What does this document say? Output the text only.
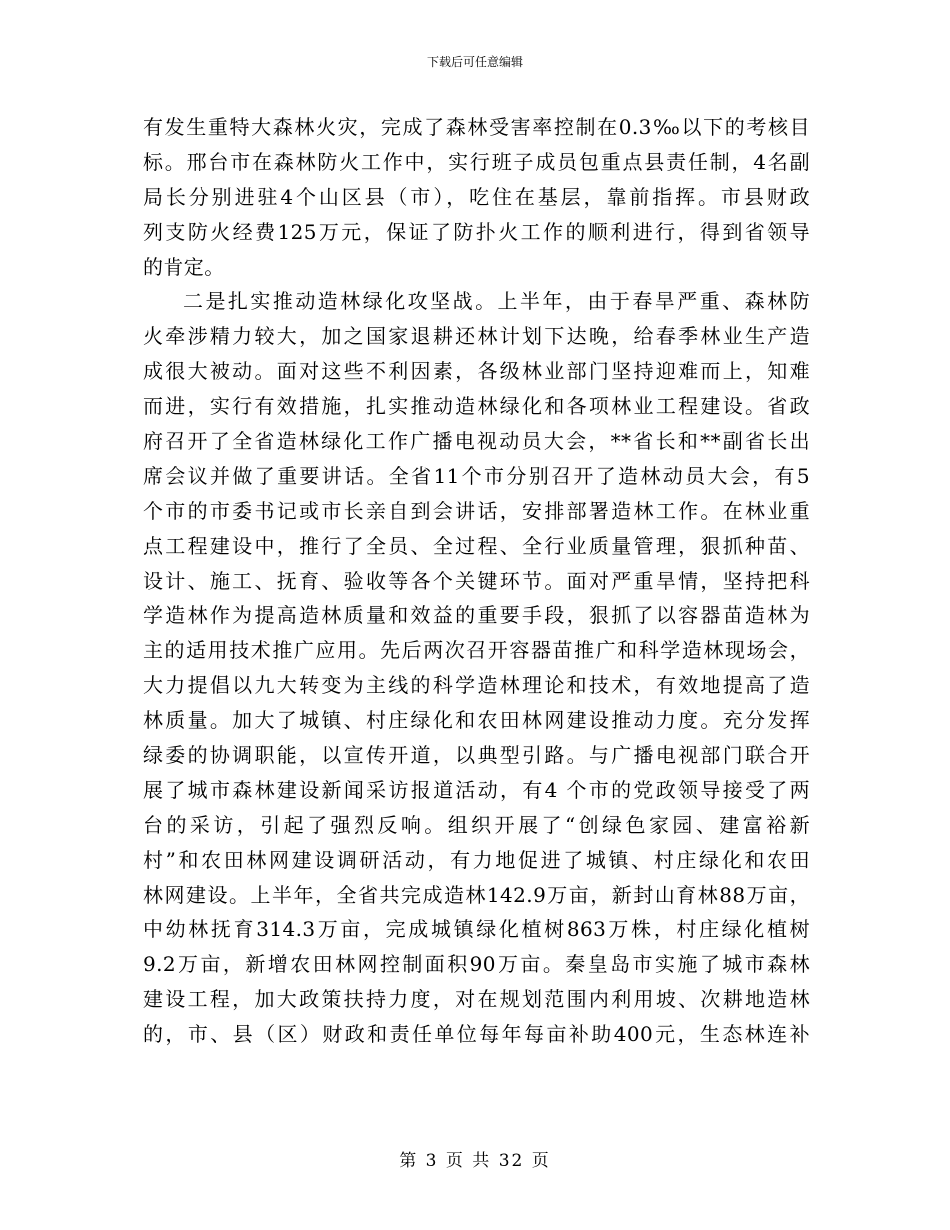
下载后可任意编辑
有发生重特大森林火灾，完成了森林受害率控制在0.3‰以下的考核目
标。邢台市在森林防火工作中，实行班子成员包重点县责任制，4名副
局长分别进驻4个山区县（市），吃住在基层，靠前指挥。市县财政
列支防火经费125万元，保证了防扑火工作的顺利进行，得到省领导
的肯定。
二是扎实推动造林绿化攻坚战。上半年，由于春旱严重、森林防
火牵涉精力较大，加之国家退耕还林计划下达晚，给春季林业生产造
成很大被动。面对这些不利因素，各级林业部门坚持迎难而上，知难
而进，实行有效措施，扎实推动造林绿化和各项林业工程建设。省政
府召开了全省造林绿化工作广播电视动员大会，**省长和**副省长出
席会议并做了重要讲话。全省11个市分别召开了造林动员大会，有5
个市的市委书记或市长亲自到会讲话，安排部署造林工作。在林业重
点工程建设中，推行了全员、全过程、全行业质量管理，狠抓种苗、
设计、施工、抚育、验收等各个关键环节。面对严重旱情，坚持把科
学造林作为提高造林质量和效益的重要手段，狠抓了以容器苗造林为
主的适用技术推广应用。先后两次召开容器苗推广和科学造林现场会，
大力提倡以九大转变为主线的科学造林理论和技术，有效地提高了造
林质量。加大了城镇、村庄绿化和农田林网建设推动力度。充分发挥
绿委的协调职能，以宣传开道，以典型引路。与广播电视部门联合开
展了城市森林建设新闻采访报道活动，有4 个市的党政领导接受了两
台的采访，引起了强烈反响。组织开展了“创绿色家园、建富裕新
村”和农田林网建设调研活动，有力地促进了城镇、村庄绿化和农田
林网建设。上半年，全省共完成造林142.9万亩，新封山育林88万亩，
中幼林抚育314.3万亩，完成城镇绿化植树863万株，村庄绿化植树
9.2万亩，新增农田林网控制面积90万亩。秦皇岛市实施了城市森林
建设工程，加大政策扶持力度，对在规划范围内利用坡、次耕地造林
的，市、县（区）财政和责任单位每年每亩补助400元，生态林连补
第 3 页 共 32 页
